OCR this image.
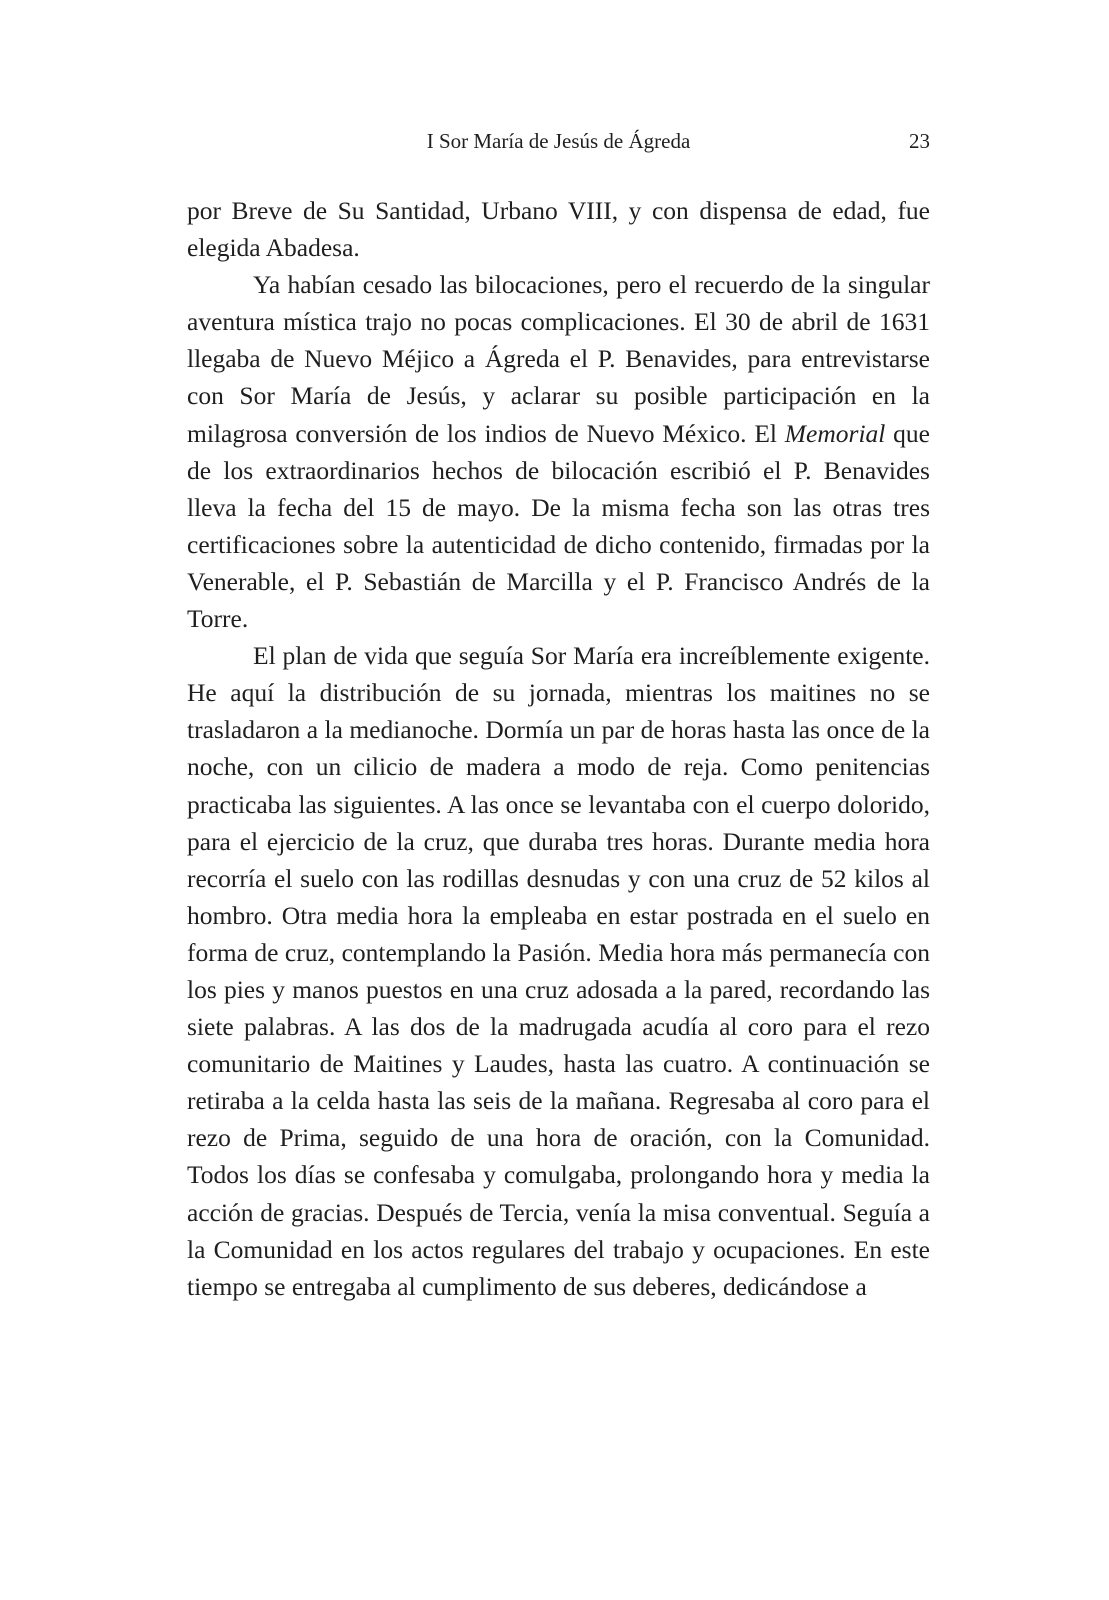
I Sor María de Jesús de Ágreda	23

por Breve de Su Santidad, Urbano VIII, y con dispensa de edad, fue elegida Abadesa.

Ya habían cesado las bilocaciones, pero el recuerdo de la singular aventura mística trajo no pocas complicaciones. El 30 de abril de 1631 llegaba de Nuevo Méjico a Ágreda el P. Benavides, para entrevistarse con Sor María de Jesús, y aclarar su posible participación en la milagrosa conversión de los indios de Nuevo México. El Memorial que de los extraordinarios hechos de bilocación escribió el P. Benavides lleva la fecha del 15 de mayo. De la misma fecha son las otras tres certificaciones sobre la autenticidad de dicho contenido, firmadas por la Venerable, el P. Sebastián de Marcilla y el P. Francisco Andrés de la Torre.

El plan de vida que seguía Sor María era increíblemente exigente. He aquí la distribución de su jornada, mientras los maitines no se trasladaron a la medianoche. Dormía un par de horas hasta las once de la noche, con un cilicio de madera a modo de reja. Como penitencias practicaba las siguientes. A las once se levantaba con el cuerpo dolorido, para el ejercicio de la cruz, que duraba tres horas. Durante media hora recorría el suelo con las rodillas desnudas y con una cruz de 52 kilos al hombro. Otra media hora la empleaba en estar postrada en el suelo en forma de cruz, contemplando la Pasión. Media hora más permanecía con los pies y manos puestos en una cruz adosada a la pared, recordando las siete palabras. A las dos de la madrugada acudía al coro para el rezo comunitario de Maitines y Laudes, hasta las cuatro. A continuación se retiraba a la celda hasta las seis de la mañana. Regresaba al coro para el rezo de Prima, seguido de una hora de oración, con la Comunidad. Todos los días se confesaba y comulgaba, prolongando hora y media la acción de gracias. Después de Tercia, venía la misa conventual. Seguía a la Comunidad en los actos regulares del trabajo y ocupaciones. En este tiempo se entregaba al cumplimento de sus deberes, dedicándose a
